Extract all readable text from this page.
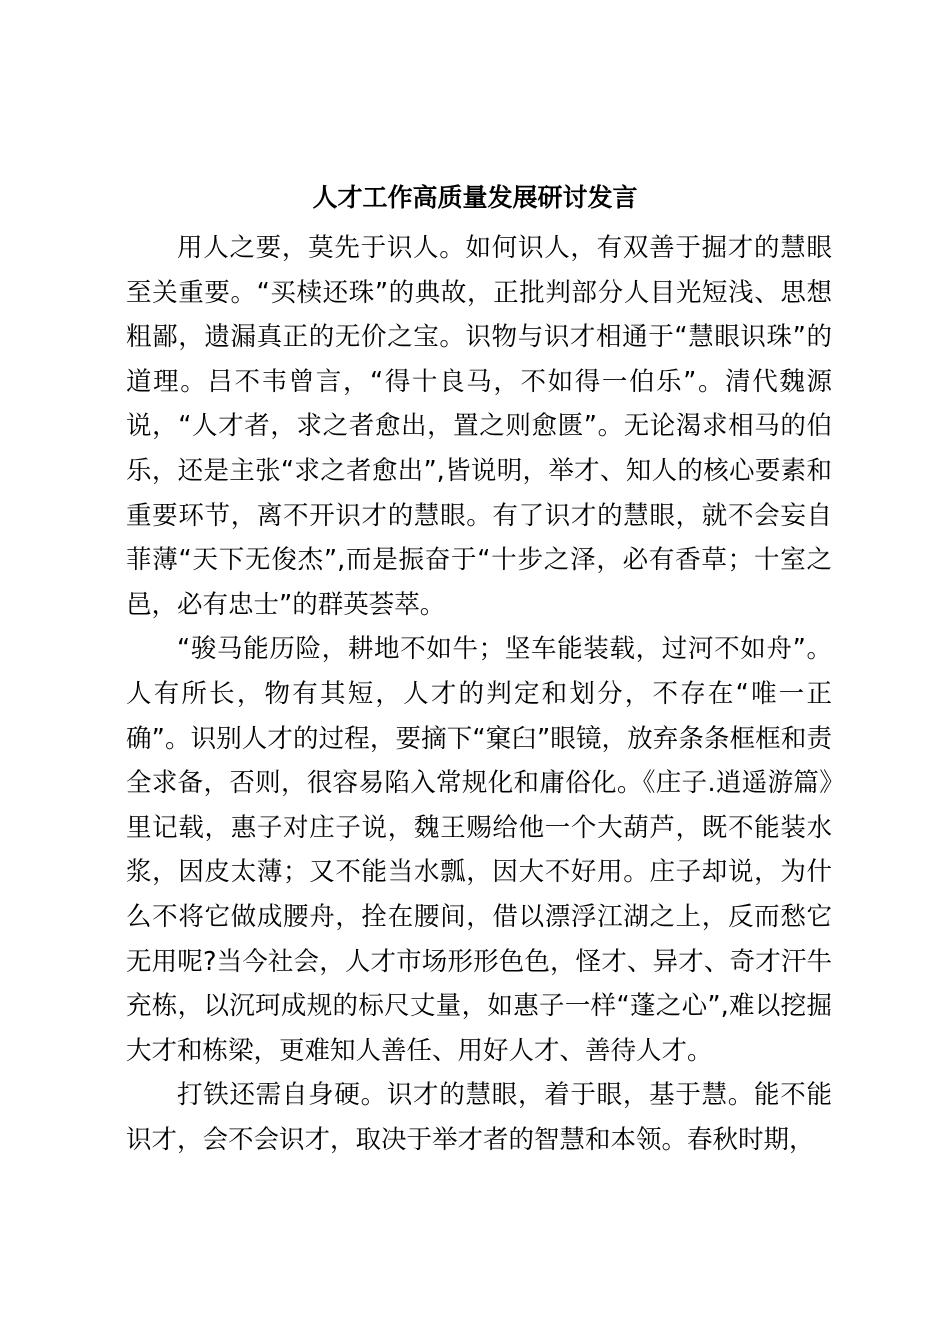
人才工作高质量发展研讨发言

用人之要，莫先于识人。如何识人，有双善于掘才的慧眼至关重要。“买椟还珠”的典故，正批判部分人目光短浅、思想粗鄙，遗漏真正的无价之宝。识物与识才相通于“慧眼识珠”的道理。吕不韦曾言，“得十良马，不如得一伯乐”。清代魏源说，“人才者，求之者愈出，置之则愈匮”。无论渴求相马的伯乐，还是主张“求之者愈出”,皆说明，举才、知人的核心要素和重要环节，离不开识才的慧眼。有了识才的慧眼，就不会妄自菲薄“天下无俊杰”,而是振奋于“十步之泽，必有香草；十室之邑，必有忠士”的群英荟萃。

“骏马能历险，耕地不如牛；坚车能装载，过河不如舟”。人有所长，物有其短，人才的判定和划分，不存在“唯一正确”。识别人才的过程，要摘下“窠臼”眼镜，放弃条条框框和责全求备，否则，很容易陷入常规化和庸俗化。《庄子.逍遥游篇》里记载，惠子对庄子说，魏王赐给他一个大葫芦，既不能装水浆，因皮太薄；又不能当水瓢，因大不好用。庄子却说，为什么不将它做成腰舟，拴在腰间，借以漂浮江湖之上，反而愁它无用呢?当今社会，人才市场形形色色，怪才、异才、奇才汗牛充栋，以沉珂成规的标尺丈量，如惠子一样“蓬之心”,难以挖掘大才和栋梁，更难知人善任、用好人才、善待人才。

打铁还需自身硬。识才的慧眼，着于眼，基于慧。能不能识才，会不会识才，取决于举才者的智慧和本领。春秋时期，
